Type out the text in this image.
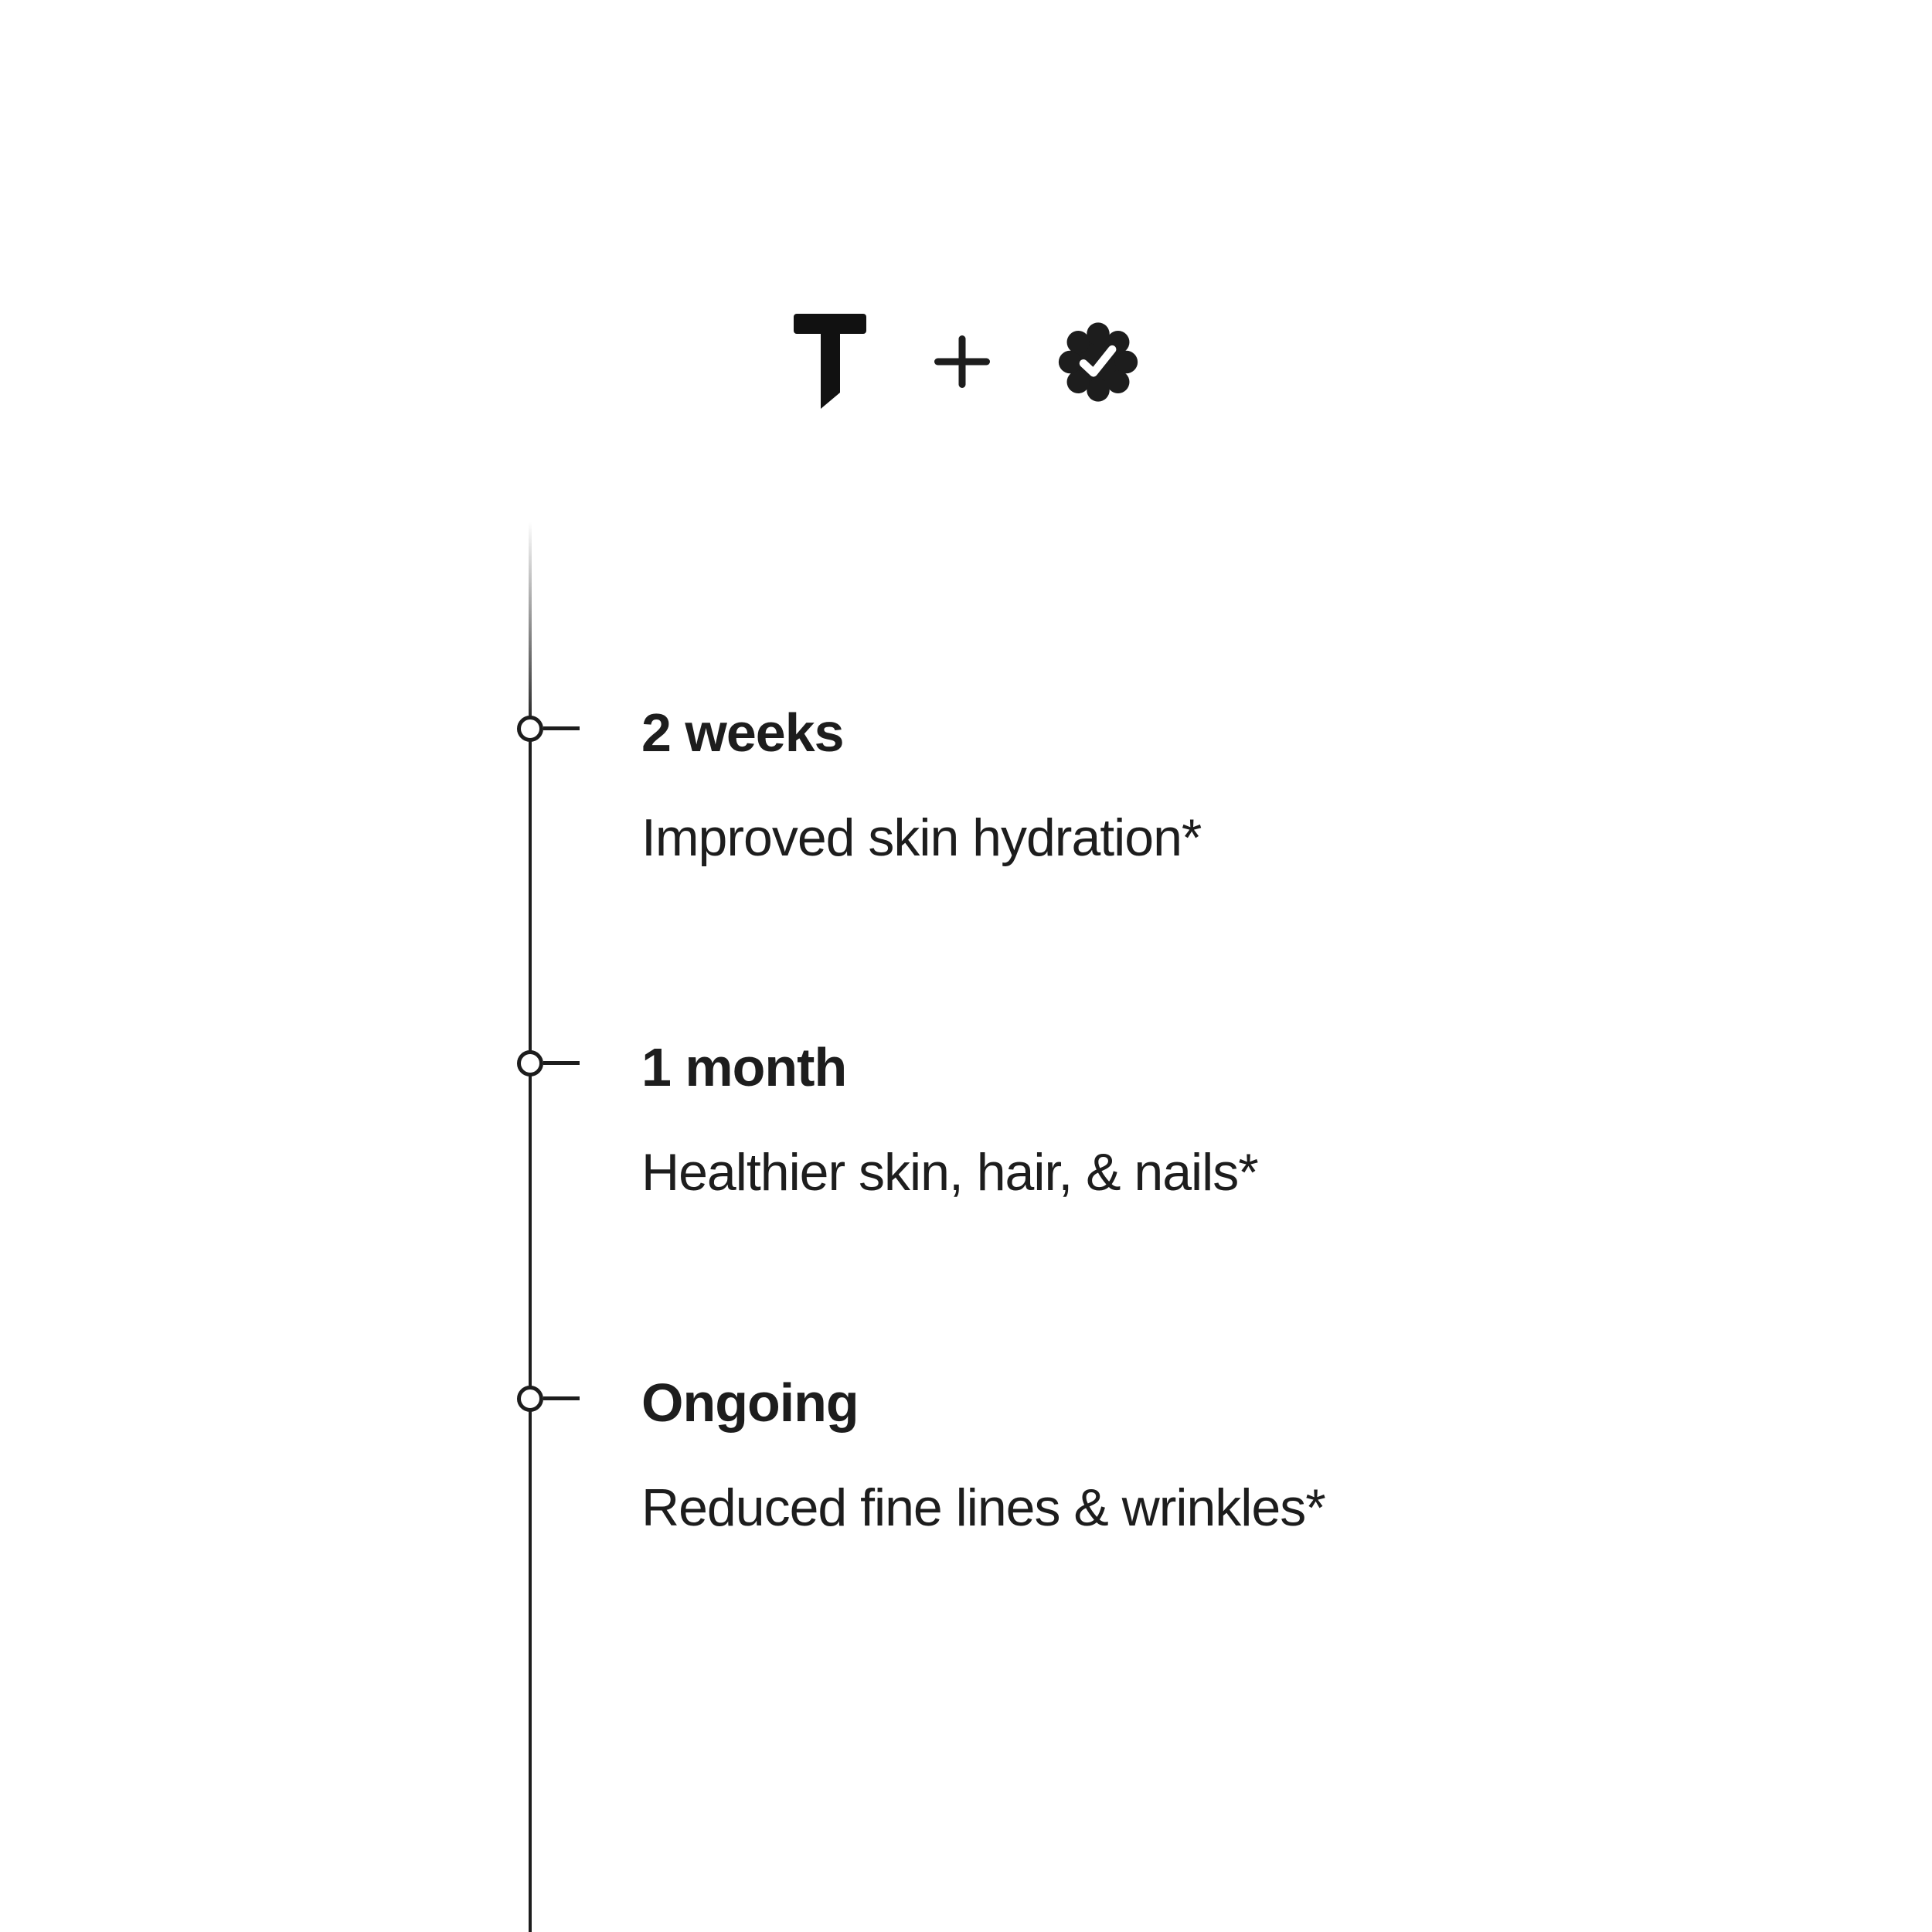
2 weeks
Improved skin hydration*
1 month
Healthier skin, hair, & nails*
Ongoing
Reduced fine lines & wrinkles*
